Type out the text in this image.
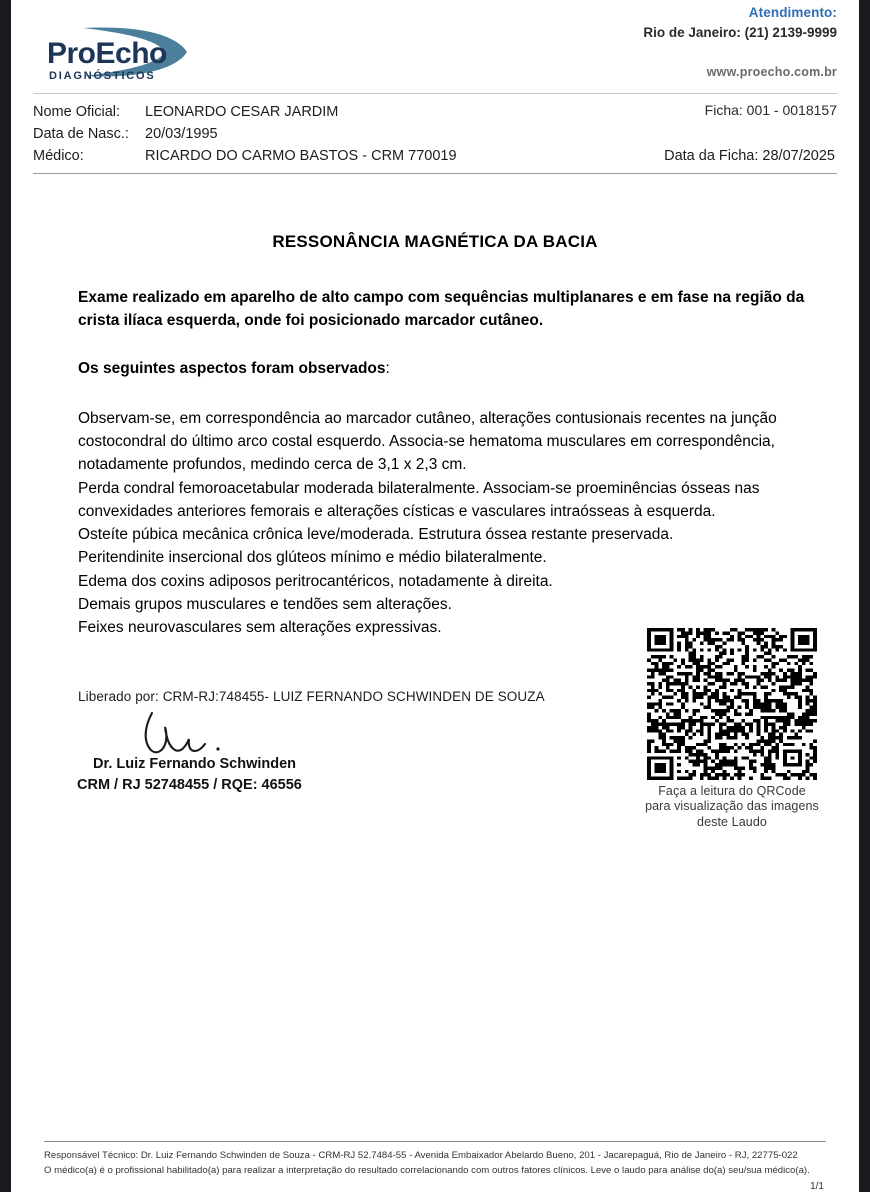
ProEcho
DIAGNÓSTICOS
Atendimento:
Rio de Janeiro: (21) 2139-9999
www.proecho.com.br
Ficha: 001 - 0018157
Nome Oficial:	LEONARDO CESAR JARDIM
Data de Nasc.:	20/03/1995
Médico:	RICARDO DO CARMO BASTOS - CRM 770019	Data da Ficha: 28/07/2025
RESSONÂNCIA MAGNÉTICA DA BACIA

Exame realizado em aparelho de alto campo com sequências multiplanares e em fase na região da crista ilíaca esquerda, onde foi posicionado marcador cutâneo.

Os seguintes aspectos foram observados:

Observam-se, em correspondência ao marcador cutâneo, alterações contusionais recentes na junção costocondral do último arco costal esquerdo. Associa-se hematoma musculares em correspondência, notadamente profundos, medindo cerca de 3,1 x 2,3 cm.

Perda condral femoroacetabular moderada bilateralmente. Associam-se proeminências ósseas nas convexidades anteriores femorais e alterações císticas e vasculares intraósseas à esquerda.

Osteíte púbica mecânica crônica leve/moderada. Estrutura óssea restante preservada.

Peritendinite insercional dos glúteos mínimo e médio bilateralmente.

Edema dos coxins adiposos peritrocantéricos, notadamente à direita.

Demais grupos musculares e tendões sem alterações.

Feixes neurovasculares sem alterações expressivas.

Liberado por: CRM-RJ:748455- LUIZ FERNANDO SCHWINDEN DE SOUZA

Dr. Luiz Fernando Schwinden
CRM / RJ 52748455 / RQE: 46556	Faça a leitura do QRCode
para visualização das imagens
deste Laudo
Responsável Técnico: Dr. Luiz Fernando Schwinden de Souza - CRM-RJ 52.7484-55 - Avenida Embaixador Abelardo Bueno, 201 - Jacarepaguá, Rio de Janeiro - RJ, 22775-022
O médico(a) é o profissional habilitado(a) para realizar a interpretação do resultado correlacionando com outros fatores clínicos. Leve o laudo para análise do(a) seu/sua médico(a).
1/1
